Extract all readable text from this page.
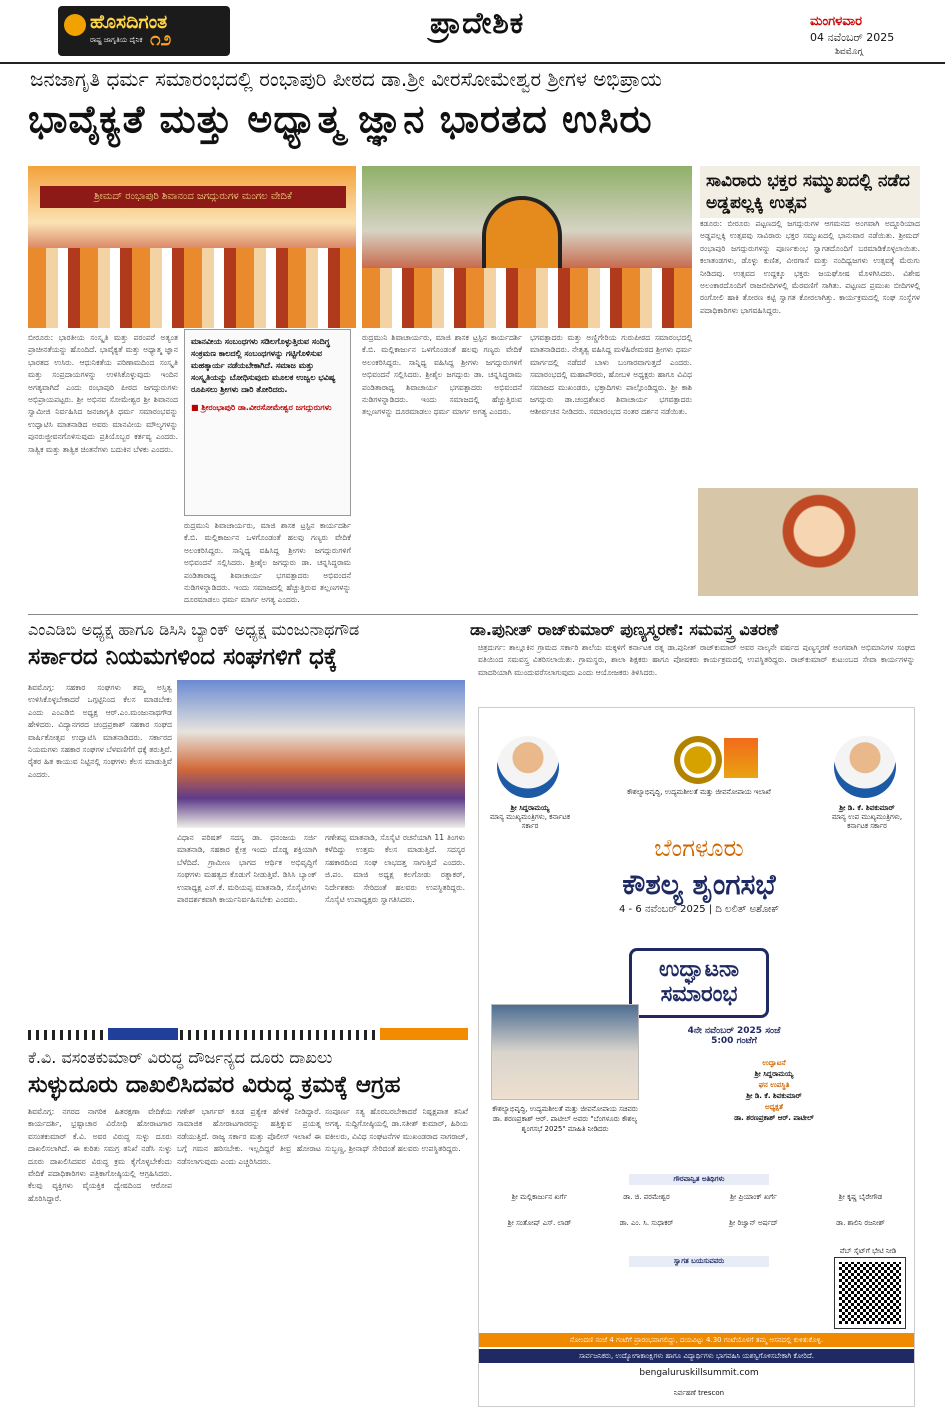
ಹೊಸದಿಗಂತ
ರಾಷ್ಟ್ರ ಜಾಗೃತಿಯ ದೈನಿಕ ೧೨	ಪ್ರಾದೇಶಿಕ	ಮಂಗಳವಾರ
04 ನವೆಂಬರ್ 2025
ಶಿವಮೊಗ್ಗ
ಜನಜಾಗೃತಿ ಧರ್ಮ ಸಮಾರಂಭದಲ್ಲಿ ರಂಭಾಪುರಿ ಪೀಠದ ಡಾ.ಶ್ರೀ ವೀರಸೋಮೇಶ್ವರ ಶ್ರೀಗಳ ಅಭಿಪ್ರಾಯ
ಭಾವೈಕ್ಯತೆ ಮತ್ತು ಅಧ್ಯಾತ್ಮ ಜ್ಞಾನ ಭಾರತದ ಉಸಿರು
ಶ್ರೀಮದ್ ರಂಭಾಪುರಿ ಶಿವಾನಂದ ಜಗದ್ಗುರುಗಳ ಮಂಗಲ ವೇದಿಕೆ
ಸಾವಿರಾರು ಭಕ್ತರ ಸಮ್ಮುಖದಲ್ಲಿ ನಡೆದ ಅಡ್ಡಪಲ್ಲಕ್ಕಿ ಉತ್ಸವ
ಕಡೂರು: ಬೀರೂರು ಪಟ್ಟಣದಲ್ಲಿ ಜಗದ್ಗುರುಗಳ ಆಗಮನದ ಅಂಗವಾಗಿ ಅದ್ದೂರಿಯಾದ ಅಡ್ಡಪಲ್ಲಕ್ಕಿ ಉತ್ಸವವು ಸಾವಿರಾರು ಭಕ್ತರ ಸಮ್ಮುಖದಲ್ಲಿ ಭಾನುವಾರ ನಡೆಯಿತು. ಶ್ರೀಮದ್ ರಂಭಾಪುರಿ ಜಗದ್ಗುರುಗಳನ್ನು ಪೂರ್ಣಕುಂಭ ಸ್ವಾಗತದೊಂದಿಗೆ ಬರಮಾಡಿಕೊಳ್ಳಲಾಯಿತು. ಕಲಾತಂಡಗಳು, ಡೊಳ್ಳು ಕುಣಿತ, ವೀರಗಾಸೆ ಮತ್ತು ನಂದಿಧ್ವಜಗಳು ಉತ್ಸವಕ್ಕೆ ಮೆರುಗು ನೀಡಿದವು. ಉತ್ಸವದ ಉದ್ದಕ್ಕೂ ಭಕ್ತರು ಜಯಘೋಷ ಮೊಳಗಿಸಿದರು. ವಿಶೇಷ ಅಲಂಕಾರದೊಂದಿಗೆ ರಾಜಬೀದಿಗಳಲ್ಲಿ ಮೆರವಣಿಗೆ ಸಾಗಿತು. ಪಟ್ಟಣದ ಪ್ರಮುಖ ಬೀದಿಗಳಲ್ಲಿ ರಂಗೋಲಿ ಹಾಕಿ ತೋರಣ ಕಟ್ಟಿ ಸ್ವಾಗತ ಕೋರಲಾಗಿತ್ತು. ಕಾರ್ಯಕ್ರಮದಲ್ಲಿ ಸಂಘ ಸಂಸ್ಥೆಗಳ ಪದಾಧಿಕಾರಿಗಳು ಭಾಗವಹಿಸಿದ್ದರು.
ಬೀರೂರು: ಭಾರತೀಯ ಸಂಸ್ಕೃತಿ ಮತ್ತು ಪರಂಪರೆ ಅತ್ಯಂತ ಪ್ರಾಚೀನತೆಯನ್ನು ಹೊಂದಿದೆ. ಭಾವೈಕ್ಯತೆ ಮತ್ತು ಅಧ್ಯಾತ್ಮ ಜ್ಞಾನ ಭಾರತದ ಉಸಿರು. ಆಧುನಿಕತೆಯ ಪರಿಣಾಮದಿಂದ ಸಂಸ್ಕೃತಿ ಮತ್ತು ಸಂಪ್ರದಾಯಗಳನ್ನು ಉಳಿಸಿಕೊಳ್ಳುವುದು ಇಂದಿನ ಅಗತ್ಯವಾಗಿದೆ ಎಂದು ರಂಭಾಪುರಿ ಪೀಠದ ಜಗದ್ಗುರುಗಳು ಅಭಿಪ್ರಾಯಪಟ್ಟರು. ಶ್ರೀ ಅಭಿನವ ಸೋಮೇಶ್ವರ ಶ್ರೀ ಶಿವಾನಂದ ಸ್ವಾಮೀಜಿ ನಿರ್ವಹಿಸಿದ ಜನಜಾಗೃತಿ ಧರ್ಮ ಸಮಾರಂಭವನ್ನು ಉದ್ಘಾಟಿಸಿ ಮಾತನಾಡಿದ ಅವರು ಮಾನವೀಯ ಮೌಲ್ಯಗಳನ್ನು ಪುನರುಜ್ಜೀವನಗೊಳಿಸುವುದು ಪ್ರತಿಯೊಬ್ಬರ ಕರ್ತವ್ಯ ಎಂದರು. ಸಾತ್ವಿಕ ಮತ್ತು ತಾತ್ವಿಕ ಚಿಂತನೆಗಳು ಬದುಕಿನ ಬೆಳಕು ಎಂದರು.
ಮಾನವೀಯ ಸಂಬಂಧಗಳು ಸಡಿಲಗೊಳ್ಳುತ್ತಿರುವ ಸಂದಿಗ್ಧ ಸಂಕ್ರಮಣ ಕಾಲದಲ್ಲಿ ಸಂಬಂಧಗಳನ್ನು ಗಟ್ಟಿಗೊಳಿಸುವ ಮಹತ್ಕಾರ್ಯ ನಡೆಯಬೇಕಾಗಿದೆ. ಸಮಾಜ ಮತ್ತು ಸಂಸ್ಕೃತಿಯನ್ನು ಬೋಧಿಸುವುದು ಮೂಲಕ ಉಜ್ವಲ ಭವಿಷ್ಯ ರೂಪಿಸಲು ಶ್ರೀಗಳು ದಾರಿ ತೋರಿದರು.
■ ಶ್ರೀರಂಭಾಪುರಿ ಡಾ.ವೀರಸೋಮೇಶ್ವರ ಜಗದ್ಗುರುಗಳು
ರುದ್ರಮುನಿ ಶಿವಾಚಾರ್ಯರು, ಮಾಜಿ ಶಾಸಕ ಟ್ರಸ್ಟಿನ ಕಾರ್ಯದರ್ಶಿ ಕೆ.ಬಿ. ಮಲ್ಲಿಕಾರ್ಜುನ ಒಳಗೊಂಡಂತೆ ಹಲವು ಗಣ್ಯರು ವೇದಿಕೆ ಅಲಂಕರಿಸಿದ್ದರು. ಸಾನ್ನಿಧ್ಯ ವಹಿಸಿದ್ದ ಶ್ರೀಗಳು ಜಗದ್ಗುರುಗಳಿಗೆ ಅಭಿವಂದನೆ ಸಲ್ಲಿಸಿದರು. ಶ್ರೀಶೈಲ ಜಗದ್ಗುರು ಡಾ. ಚನ್ನಸಿದ್ಧರಾಮ ಪಂಡಿತಾರಾಧ್ಯ ಶಿವಾಚಾರ್ಯ ಭಗವತ್ಪಾದರು ಅಭಿವಂದನೆ ನುಡಿಗಳನ್ನಾಡಿದರು. ಇಂದು ಸಮಾಜದಲ್ಲಿ ಹೆಚ್ಚುತ್ತಿರುವ ತಲ್ಲಣಗಳನ್ನು ದೂರಮಾಡಲು ಧರ್ಮ ಮಾರ್ಗ ಅಗತ್ಯ ಎಂದರು.
ರುದ್ರಮುನಿ ಶಿವಾಚಾರ್ಯರು, ಮಾಜಿ ಶಾಸಕ ಟ್ರಸ್ಟಿನ ಕಾರ್ಯದರ್ಶಿ ಕೆ.ಬಿ. ಮಲ್ಲಿಕಾರ್ಜುನ ಒಳಗೊಂಡಂತೆ ಹಲವು ಗಣ್ಯರು ವೇದಿಕೆ ಅಲಂಕರಿಸಿದ್ದರು. ಸಾನ್ನಿಧ್ಯ ವಹಿಸಿದ್ದ ಶ್ರೀಗಳು ಜಗದ್ಗುರುಗಳಿಗೆ ಅಭಿವಂದನೆ ಸಲ್ಲಿಸಿದರು. ಶ್ರೀಶೈಲ ಜಗದ್ಗುರು ಡಾ. ಚನ್ನಸಿದ್ಧರಾಮ ಪಂಡಿತಾರಾಧ್ಯ ಶಿವಾಚಾರ್ಯ ಭಗವತ್ಪಾದರು ಅಭಿವಂದನೆ ನುಡಿಗಳನ್ನಾಡಿದರು. ಇಂದು ಸಮಾಜದಲ್ಲಿ ಹೆಚ್ಚುತ್ತಿರುವ ತಲ್ಲಣಗಳನ್ನು ದೂರಮಾಡಲು ಧರ್ಮ ಮಾರ್ಗ ಅಗತ್ಯ ಎಂದರು.
ಭಗವತ್ಪಾದರು ಮತ್ತು ಅಣ್ಣಿಗೇರಿಯ ಗುರುಪೀಠದ ಸಮಾರಂಭದಲ್ಲಿ ಮಾತನಾಡಿದರು. ನೇತೃತ್ವ ವಹಿಸಿದ್ದ ಮಳೆಹಿರೇಮಠದ ಶ್ರೀಗಳು ಧರ್ಮ ಮಾರ್ಗದಲ್ಲಿ ನಡೆದರೆ ಬಾಳು ಬಂಗಾರವಾಗುತ್ತದೆ ಎಂದರು. ಸಮಾರಂಭದಲ್ಲಿ ಮಹಾಪೌರರು, ಹೋಬಳಿ ಅಧ್ಯಕ್ಷರು ಹಾಗೂ ವಿವಿಧ ಸಮಾಜದ ಮುಖಂಡರು, ಭಕ್ತಾದಿಗಳು ಪಾಲ್ಗೊಂಡಿದ್ದರು. ಶ್ರೀ ಕಾಶಿ ಜಗದ್ಗುರು ಡಾ.ಚಂದ್ರಶೇಖರ ಶಿವಾಚಾರ್ಯ ಭಗವತ್ಪಾದರು ಆಶೀರ್ವಚನ ನೀಡಿದರು. ಸಮಾರಂಭದ ನಂತರ ದರ್ಶನ ನಡೆಯಿತು.
ಎಂಎಡಿಬಿ ಅಧ್ಯಕ್ಷ ಹಾಗೂ ಡಿಸಿಸಿ ಬ್ಯಾಂಕ್ ಅಧ್ಯಕ್ಷ ಮಂಜುನಾಥಗೌಡ
ಸರ್ಕಾರದ ನಿಯಮಗಳಿಂದ ಸಂಘಗಳಿಗೆ ಧಕ್ಕೆ
ಶಿವಮೊಗ್ಗ: ಸಹಕಾರ ಸಂಘಗಳು ತಮ್ಮ ಅಸ್ತಿತ್ವ ಉಳಿಸಿಕೊಳ್ಳಬೇಕಾದರೆ ಒಗ್ಗಟ್ಟಿನಿಂದ ಕೆಲಸ ಮಾಡಬೇಕು ಎಂದು ಎಂಎಡಿಬಿ ಅಧ್ಯಕ್ಷ ಆರ್.ಎಂ.ಮಂಜುನಾಥಗೌಡ ಹೇಳಿದರು. ವಿದ್ಯಾನಗರದ ಚಂದ್ರಪ್ರಕಾಶ್ ಸಹಕಾರ ಸಂಘದ ವಾರ್ಷಿಕೋತ್ಸವ ಉದ್ಘಾಟಿಸಿ ಮಾತನಾಡಿದರು. ಸರ್ಕಾರದ ನಿಯಮಗಳು ಸಹಕಾರ ಸಂಘಗಳ ಬೆಳವಣಿಗೆಗೆ ಧಕ್ಕೆ ತರುತ್ತಿವೆ. ರೈತರ ಹಿತ ಕಾಯುವ ನಿಟ್ಟಿನಲ್ಲಿ ಸಂಘಗಳು ಕೆಲಸ ಮಾಡುತ್ತಿವೆ ಎಂದರು.
ವಿಧಾನ ಪರಿಷತ್ ಸದಸ್ಯ ಡಾ. ಧನಂಜಯ ಸರ್ಜಿ ಮಾತನಾಡಿ, ಸಹಕಾರ ಕ್ಷೇತ್ರ ಇಂದು ದೊಡ್ಡ ಶಕ್ತಿಯಾಗಿ ಬೆಳೆದಿದೆ. ಗ್ರಾಮೀಣ ಭಾಗದ ಆರ್ಥಿಕ ಅಭಿವೃದ್ಧಿಗೆ ಸಂಘಗಳು ಮಹತ್ವದ ಕೊಡುಗೆ ನೀಡುತ್ತಿವೆ. ಡಿಸಿಸಿ ಬ್ಯಾಂಕ್ ಉಪಾಧ್ಯಕ್ಷ ಎಸ್.ಕೆ. ಮರಿಯಪ್ಪ ಮಾತನಾಡಿ, ಸೊಸೈಟಿಗಳು ಪಾರದರ್ಶಕವಾಗಿ ಕಾರ್ಯನಿರ್ವಹಿಸಬೇಕು ಎಂದರು.
ಗಣೇಶಪ್ಪ ಮಾತನಾಡಿ, ಸೊಸೈಟಿ ರಚನೆಯಾಗಿ 11 ತಿಂಗಳು ಕಳೆದಿದ್ದು ಉತ್ತಮ ಕೆಲಸ ಮಾಡುತ್ತಿದೆ. ಸದಸ್ಯರ ಸಹಕಾರದಿಂದ ಸಂಘ ಲಾಭದತ್ತ ಸಾಗುತ್ತಿದೆ ಎಂದರು. ಜಿ.ಪಂ. ಮಾಜಿ ಅಧ್ಯಕ್ಷ ಕಲಗೋಡು ರತ್ನಾಕರ್, ನಿರ್ದೇಶಕರು ಸೇರಿದಂತೆ ಹಲವರು ಉಪಸ್ಥಿತರಿದ್ದರು. ಸೊಸೈಟಿ ಉಪಾಧ್ಯಕ್ಷರು ಸ್ವಾಗತಿಸಿದರು.
ಡಾ.ಪುನೀತ್ ರಾಜ್‌ಕುಮಾರ್ ಪುಣ್ಯಸ್ಮರಣೆ: ಸಮವಸ್ತ್ರ ವಿತರಣೆ
ಚಿತ್ರದುರ್ಗ: ತಾಲ್ಲೂಕಿನ ಗ್ರಾಮದ ಸರ್ಕಾರಿ ಶಾಲೆಯ ಮಕ್ಕಳಿಗೆ ಕರ್ನಾಟಕ ರತ್ನ ಡಾ.ಪುನೀತ್ ರಾಜ್‌ಕುಮಾರ್ ಅವರ ನಾಲ್ಕನೇ ವರ್ಷದ ಪುಣ್ಯಸ್ಮರಣೆ ಅಂಗವಾಗಿ ಅಭಿಮಾನಿಗಳ ಸಂಘದ ವತಿಯಿಂದ ಸಮವಸ್ತ್ರ ವಿತರಿಸಲಾಯಿತು. ಗ್ರಾಮಸ್ಥರು, ಶಾಲಾ ಶಿಕ್ಷಕರು ಹಾಗೂ ಪೋಷಕರು ಕಾರ್ಯಕ್ರಮದಲ್ಲಿ ಉಪಸ್ಥಿತರಿದ್ದರು. ರಾಜ್‌ಕುಮಾರ್ ಕುಟುಂಬದ ಸೇವಾ ಕಾರ್ಯಗಳನ್ನು ಮಾದರಿಯಾಗಿ ಮುಂದುವರೆಸಲಾಗುವುದು ಎಂದು ಆಯೋಜಕರು ತಿಳಿಸಿದರು.
ಶ್ರೀ ಸಿದ್ದರಾಮಯ್ಯ
ಮಾನ್ಯ ಮುಖ್ಯಮಂತ್ರಿಗಳು, ಕರ್ನಾಟಕ ಸರ್ಕಾರ
ಕೌಶಲ್ಯಾಭಿವೃದ್ಧಿ, ಉದ್ಯಮಶೀಲತೆ ಮತ್ತು ಜೀವನೋಪಾಯ ಇಲಾಖೆ
ಶ್ರೀ ಡಿ. ಕೆ. ಶಿವಕುಮಾರ್
ಮಾನ್ಯ ಉಪ ಮುಖ್ಯಮಂತ್ರಿಗಳು, ಕರ್ನಾಟಕ ಸರ್ಕಾರ
ಬೆಂಗಳೂರು
ಕೌಶಲ್ಯ ಶೃಂಗಸಭೆ
4 - 6 ನವೆಂಬರ್ 2025 | ದಿ ಲಲಿತ್ ಅಶೋಕ್
ಉದ್ಘಾಟನಾ ಸಮಾರಂಭ
4ನೇ ನವೆಂಬರ್ 2025 ಸಂಜೆ 5:00 ಗಂಟೆಗೆ
ಕೌಶಲ್ಯಾಭಿವೃದ್ಧಿ, ಉದ್ಯಮಶೀಲತೆ ಮತ್ತು ಜೀವನೋಪಾಯ ಸಚಿವರು ಡಾ. ಶರಣಪ್ರಕಾಶ್ ಆರ್. ಪಾಟೀಲ್ ಅವರು "ಬೆಂಗಳೂರು ಕೌಶಲ್ಯ ಶೃಂಗಸಭೆ 2025" ಮಾಹಿತಿ ನೀಡಿದರು
ಉದ್ಘಾಟನೆ
ಶ್ರೀ ಸಿದ್ದರಾಮಯ್ಯ
ಘನ ಉಪಸ್ಥಿತಿ
ಶ್ರೀ ಡಿ. ಕೆ. ಶಿವಕುಮಾರ್
ಅಧ್ಯಕ್ಷತೆ
ಡಾ. ಶರಣಪ್ರಕಾಶ್ ಆರ್. ಪಾಟೀಲ್
ಗೌರವಾನ್ವಿತ ಅತಿಥಿಗಳು
ಶ್ರೀ ಮಲ್ಲಿಕಾರ್ಜುನ ಖರ್ಗೆ	ಡಾ. ಜಿ. ಪರಮೇಶ್ವರ	ಶ್ರೀ ಪ್ರಿಯಾಂಕ್ ಖರ್ಗೆ	ಶ್ರೀ ಕೃಷ್ಣ ಬೈರೇಗೌಡ
ಶ್ರೀ ಸಂತೋಷ್ ಎಸ್. ಲಾಡ್	ಡಾ. ಎಂ. ಸಿ. ಸುಧಾಕರ್	ಶ್ರೀ ರಿಜ್ವಾನ್ ಅರ್ಷದ್	ಡಾ. ಶಾಲಿನಿ ರಜನೀಶ್
ಸ್ವಾಗತ ಬಯಸುವವರು
ವೆಬ್ ಸೈಟ್‌ಗೆ ಭೇಟಿ ನೀಡಿ
ನೋಂದಣಿ ಸಂಜೆ 4 ಗಂಟೆಗೆ ಪ್ರಾರಂಭವಾಗಲಿದ್ದು, ದಯವಿಟ್ಟು 4.30 ಗಂಟೆಯೊಳಗೆ ತಮ್ಮ ಆಸನದಲ್ಲಿ ಕುಳಿತುಕೊಳ್ಳಿ.
ಸಾರ್ವಜನಿಕರು, ಉದ್ಯೋಗಾಕಾಂಕ್ಷಿಗಳು ಹಾಗೂ ವಿದ್ಯಾರ್ಥಿಗಳು ಭಾಗವಹಿಸಿ ಯಶಸ್ವಿಗೊಳಿಸಬೇಕಾಗಿ ಕೋರಿದೆ.
bengaluruskillsummit.com
ನಿರ್ವಹಣೆ trescon
ಕೆ.ವಿ. ವಸಂತಕುಮಾರ್ ವಿರುದ್ಧ ದೌರ್ಜನ್ಯದ ದೂರು ದಾಖಲು
ಸುಳ್ಳುದೂರು ದಾಖಲಿಸಿದವರ ವಿರುದ್ಧ ಕ್ರಮಕ್ಕೆ ಆಗ್ರಹ
ಶಿವಮೊಗ್ಗ: ನಗರದ ನಾಗರಿಕ ಹಿತರಕ್ಷಣಾ ವೇದಿಕೆಯ ಕಾರ್ಯದರ್ಶಿ, ಭ್ರಷ್ಟಾಚಾರ ವಿರೋಧಿ ಹೋರಾಟಗಾರ ವಸಂತಕುಮಾರ್ ಕೆ.ವಿ. ಅವರ ವಿರುದ್ಧ ಸುಳ್ಳು ದೂರು ದಾಖಲಿಸಲಾಗಿದೆ. ಈ ಕುರಿತು ಸಮಗ್ರ ತನಿಖೆ ನಡೆಸಿ ಸುಳ್ಳು ದೂರು ದಾಖಲಿಸಿದವರ ವಿರುದ್ಧ ಕ್ರಮ ಕೈಗೊಳ್ಳಬೇಕೆಂದು ವೇದಿಕೆ ಪದಾಧಿಕಾರಿಗಳು ಪತ್ರಿಕಾಗೋಷ್ಠಿಯಲ್ಲಿ ಆಗ್ರಹಿಸಿದರು. ಕೆಲವು ವ್ಯಕ್ತಿಗಳು ವೈಯಕ್ತಿಕ ದ್ವೇಷದಿಂದ ಆರೋಪ ಹೊರಿಸಿದ್ದಾರೆ.
ಗಣೇಶ್ ಭಾರ್ಗವ್ ಕೂಡ ಪ್ರತ್ಯೇಕ ಹೇಳಿಕೆ ನೀಡಿದ್ದಾರೆ. ಸಾಮಾಜಿಕ ಹೋರಾಟಗಾರರನ್ನು ಹತ್ತಿಕ್ಕುವ ಪ್ರಯತ್ನ ನಡೆಯುತ್ತಿದೆ. ರಾಜ್ಯ ಸರ್ಕಾರ ಮತ್ತು ಪೊಲೀಸ್ ಇಲಾಖೆ ಈ ಬಗ್ಗೆ ಗಮನ ಹರಿಸಬೇಕು. ಇಲ್ಲದಿದ್ದರೆ ತೀವ್ರ ಹೋರಾಟ ನಡೆಸಲಾಗುವುದು ಎಂದು ಎಚ್ಚರಿಸಿದರು.
ಸಂಪೂರ್ಣ ಸತ್ಯ ಹೊರಬರಬೇಕಾದರೆ ನಿಷ್ಪಕ್ಷಪಾತ ತನಿಖೆ ಅಗತ್ಯ. ಸುದ್ದಿಗೋಷ್ಠಿಯಲ್ಲಿ ಡಾ.ಸತೀಶ್ ಕುಮಾರ್, ಹಿರಿಯ ವಕೀಲರು, ವಿವಿಧ ಸಂಘಟನೆಗಳ ಮುಖಂಡರಾದ ನಾಗರಾಜ್, ಸುಬ್ಬಣ್ಣ, ಶ್ರೀನಾಥ್ ಸೇರಿದಂತೆ ಹಲವರು ಉಪಸ್ಥಿತರಿದ್ದರು.
